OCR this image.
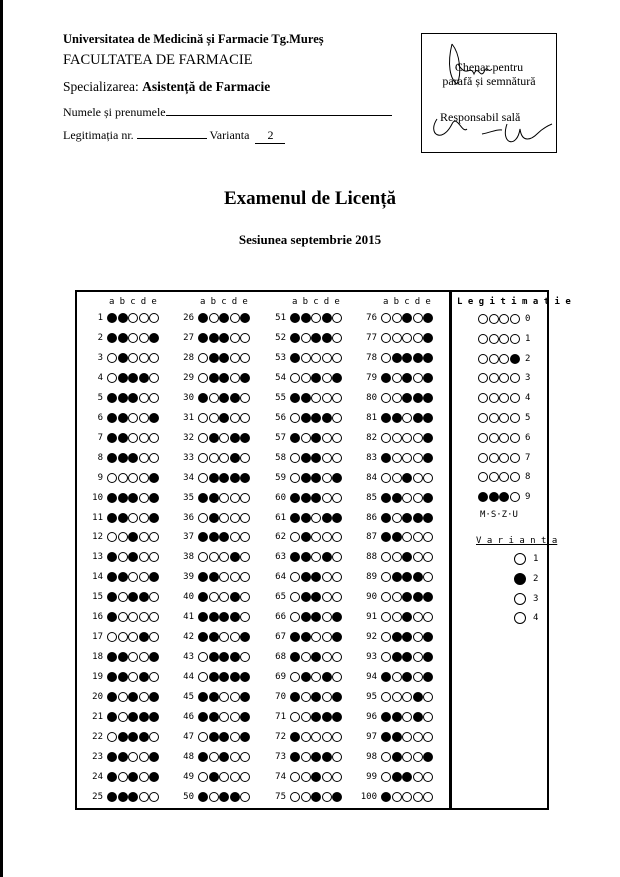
Universitatea de Medicină și Farmacie Tg.Mureș
FACULTATEA DE FARMACIE
Specializarea: Asistență de Farmacie
Numele și prenumele
Legitimația nr.	Varianta 2
Chenar pentru
parafă și semnătură
Responsabil sală
Examenul de Licență
Sesiunea septembrie 2015
a b c d e
1
2
3
4
5
6
7
8
9
10
11
12
13
14
15
16
17
18
19
20
21
22
23
24
25
a b c d e
26
27
28
29
30
31
32
33
34
35
36
37
38
39
40
41
42
43
44
45
46
47
48
49
50
a b c d e
51
52
53
54
55
56
57
58
59
60
61
62
63
64
65
66
67
68
69
70
71
72
73
74
75
a b c d e
76
77
78
79
80
81
82
83
84
85
86
87
88
89
90
91
92
93
94
95
96
97
98
99
100
L e g i t i m a t i e
0
1
2
3
4
5
6
7
8
9
M·S·Z·U
V a r i a n t a
1
2
3
4
